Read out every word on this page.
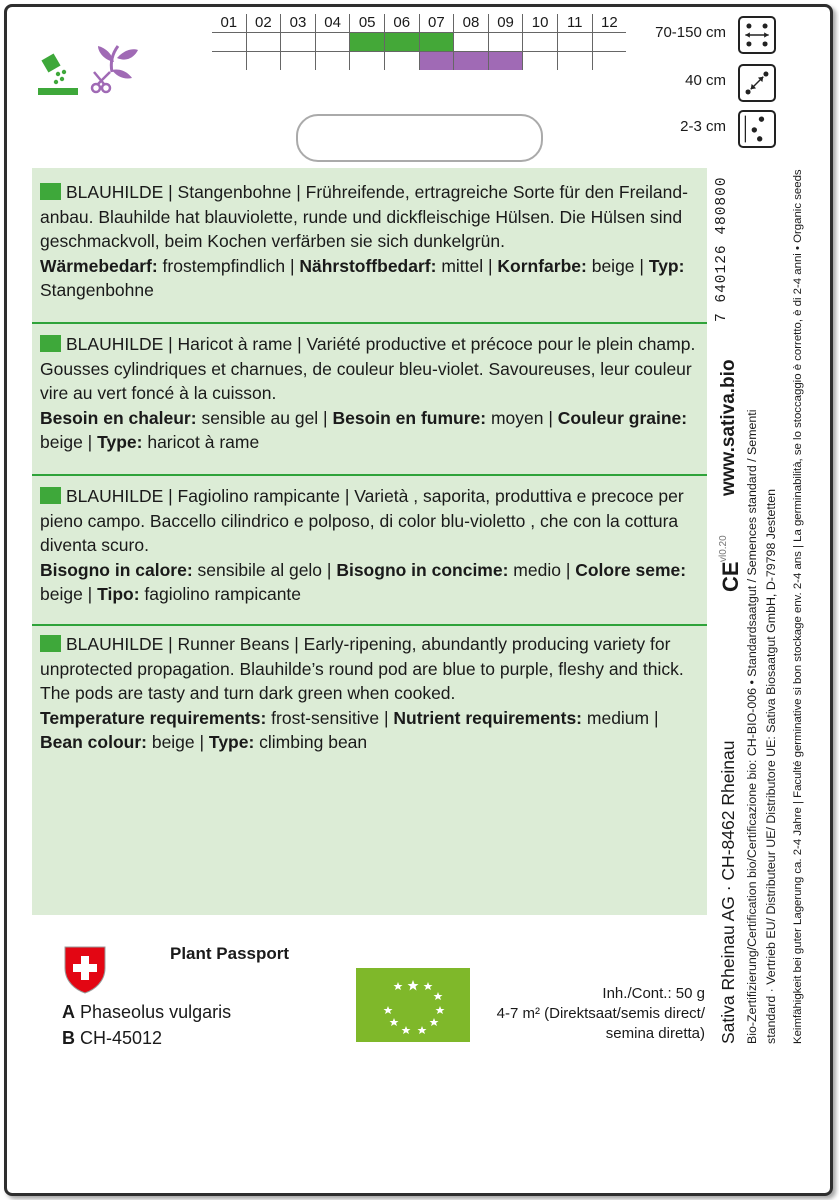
01	02	03	04	05	06	07	08	09	10	11	12

70-150 cm
40 cm
2-3 cm
BLAUHILDE | Stangenbohne | Frühreifende, ertragreiche Sorte für den Freiland-anbau. Blauhilde hat blauviolette, runde und dickfleischige Hülsen. Die Hülsen sind geschmackvoll, beim Kochen verfärben sie sich dunkelgrün.
Wärmebedarf: frostempfindlich | Nährstoffbedarf: mittel | Kornfarbe: beige | Typ: Stangenbohne
BLAUHILDE | Haricot à rame | Variété productive et précoce pour le plein champ. Gousses cylindriques et charnues, de couleur bleu-violet. Savoureuses, leur couleur vire au vert foncé à la cuisson.
Besoin en chaleur: sensible au gel | Besoin en fumure: moyen | Couleur graine: beige | Type: haricot à rame
BLAUHILDE | Fagiolino rampicante | Varietà , saporita, produttiva e precoce per pieno campo. Baccello cilindrico e polposo, di color blu-violetto , che con la cottura diventa scuro.
Bisogno in calore: sensibile al gelo | Bisogno in concime: medio | Colore seme: beige | Tipo: fagiolino rampicante
BLAUHILDE | Runner Beans | Early-ripening, abundantly producing variety for unprotected propagation. Blauhilde’s round pod are blue to purple, fleshy and thick. The pods are tasty and turn dark green when cooked.
Temperature requirements: frost-sensitive | Nutrient requirements: medium | Bean colour: beige | Type: climbing bean
www.sativa.bio
7 640126 480800
Sativa Rheinau AG · CH-8462 Rheinau Bio-Zertifizierung/Certification bio/Certificazione bio: CH-BIO-006 • Standardsaatgut / Semences standard / Sementi standard · Vertrieb EU/ Distributeur UE/ Distributore UE: Sativa Biosaatgut GmbH, D-79798 Jestetten Keimfähigkeit bei guter Lagerung ca. 2-4 Jahre | Faculté germinative si bon stockage env. 2-4 ans | La germinabilità, se lo stoccaggio è corretto, è di 2-4 anni • Organic seeds
CE
vl0.20
Plant Passport
A Phaseolus vulgaris
B CH-45012
Inh./Cont.: 50 g
4-7 m² (Direktsaat/semis direct/
semina diretta)
